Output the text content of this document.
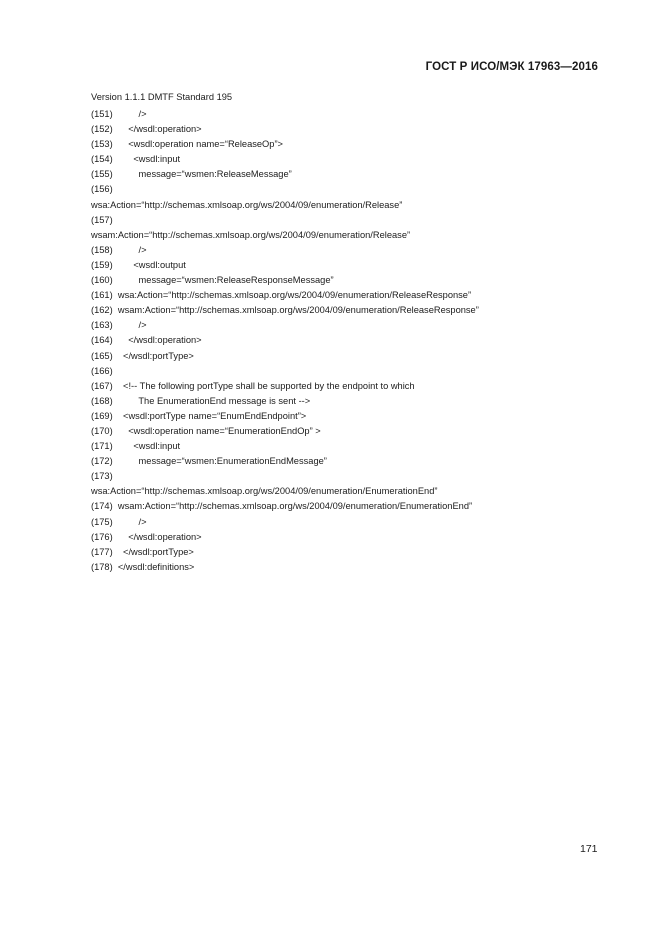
ГОСТ Р ИСО/МЭК 17963—2016
Version 1.1.1 DMTF Standard 195
(151)          />
(152)      </wsdl:operation>
(153)      <wsdl:operation name=“ReleaseOp”>
(154)        <wsdl:input
(155)          message=“wsmen:ReleaseMessage”
(156)
wsa:Action=“http://schemas.xmlsoap.org/ws/2004/09/enumeration/Release”
(157)
wsam:Action=“http://schemas.xmlsoap.org/ws/2004/09/enumeration/Release”
(158)          />
(159)        <wsdl:output
(160)          message=“wsmen:ReleaseResponseMessage”
(161)  wsa:Action=“http://schemas.xmlsoap.org/ws/2004/09/enumeration/ReleaseResponse”
(162)  wsam:Action=“http://schemas.xmlsoap.org/ws/2004/09/enumeration/ReleaseResponse”
(163)          />
(164)      </wsdl:operation>
(165)    </wsdl:portType>
(166)
(167)    <!-- The following portType shall be supported by the endpoint to which
(168)          The EnumerationEnd message is sent -->
(169)    <wsdl:portType name=“EnumEndEndpoint”>
(170)      <wsdl:operation name=“EnumerationEndOp” >
(171)        <wsdl:input
(172)          message=“wsmen:EnumerationEndMessage”
(173)
wsa:Action=“http://schemas.xmlsoap.org/ws/2004/09/enumeration/EnumerationEnd”
(174)  wsam:Action=“http://schemas.xmlsoap.org/ws/2004/09/enumeration/EnumerationEnd”
(175)          />
(176)      </wsdl:operation>
(177)    </wsdl:portType>
(178)  </wsdl:definitions>
171
